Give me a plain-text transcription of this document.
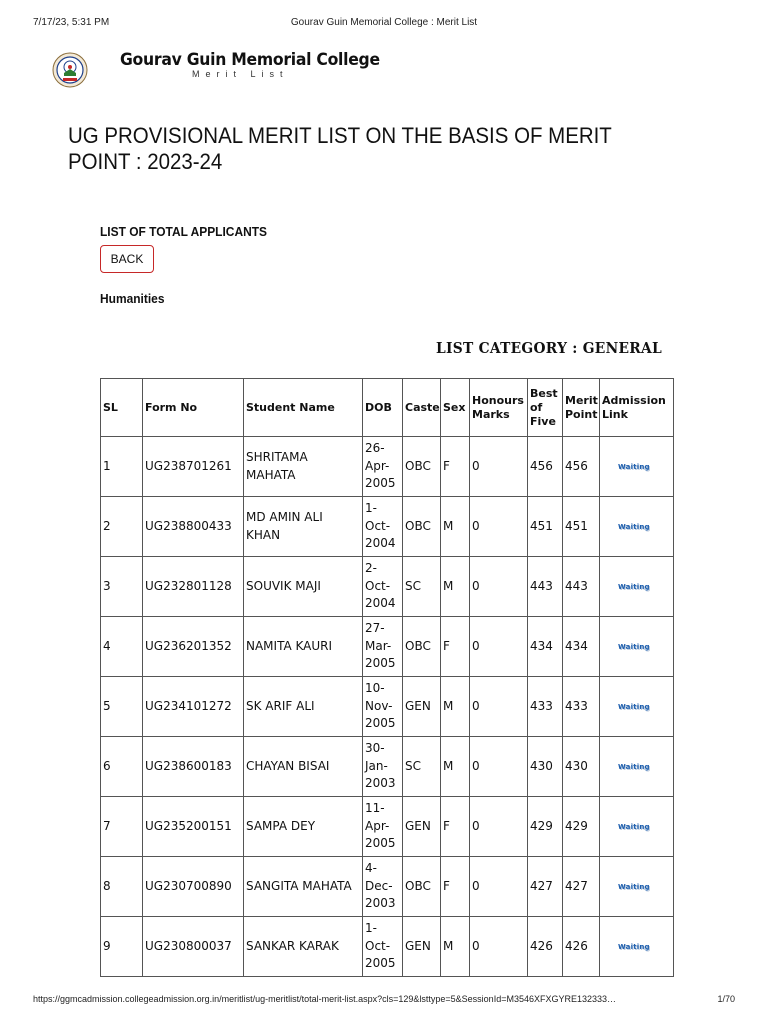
7/17/23, 5:31 PM	Gourav Guin Memorial College : Merit List
Gourav Guin Memorial College
Merit List
UG PROVISIONAL MERIT LIST ON THE BASIS OF MERIT POINT : 2023-24
LIST OF TOTAL APPLICANTS
BACK
Humanities
LIST CATEGORY : GENERAL
SL	Form No	Student Name	DOB	Caste	Sex	Honours Marks	Best of Five	Merit Point	Admission Link
1	UG238701261	SHRITAMA MAHATA	26-Apr-2005	OBC	F	0	456	456	Waiting
2	UG238800433	MD AMIN ALI KHAN	1-Oct-2004	OBC	M	0	451	451	Waiting
3	UG232801128	SOUVIK MAJI	2-Oct-2004	SC	M	0	443	443	Waiting
4	UG236201352	NAMITA KAURI	27-Mar-2005	OBC	F	0	434	434	Waiting
5	UG234101272	SK ARIF ALI	10-Nov-2005	GEN	M	0	433	433	Waiting
6	UG238600183	CHAYAN BISAI	30-Jan-2003	SC	M	0	430	430	Waiting
7	UG235200151	SAMPA DEY	11-Apr-2005	GEN	F	0	429	429	Waiting
8	UG230700890	SANGITA MAHATA	4-Dec-2003	OBC	F	0	427	427	Waiting
9	UG230800037	SANKAR KARAK	1-Oct-2005	GEN	M	0	426	426	Waiting
https://ggmcadmission.collegeadmission.org.in/meritlist/ug-meritlist/total-merit-list.aspx?cls=129&lsttype=5&SessionId=M3546XFXGYRE132333…	1/70
